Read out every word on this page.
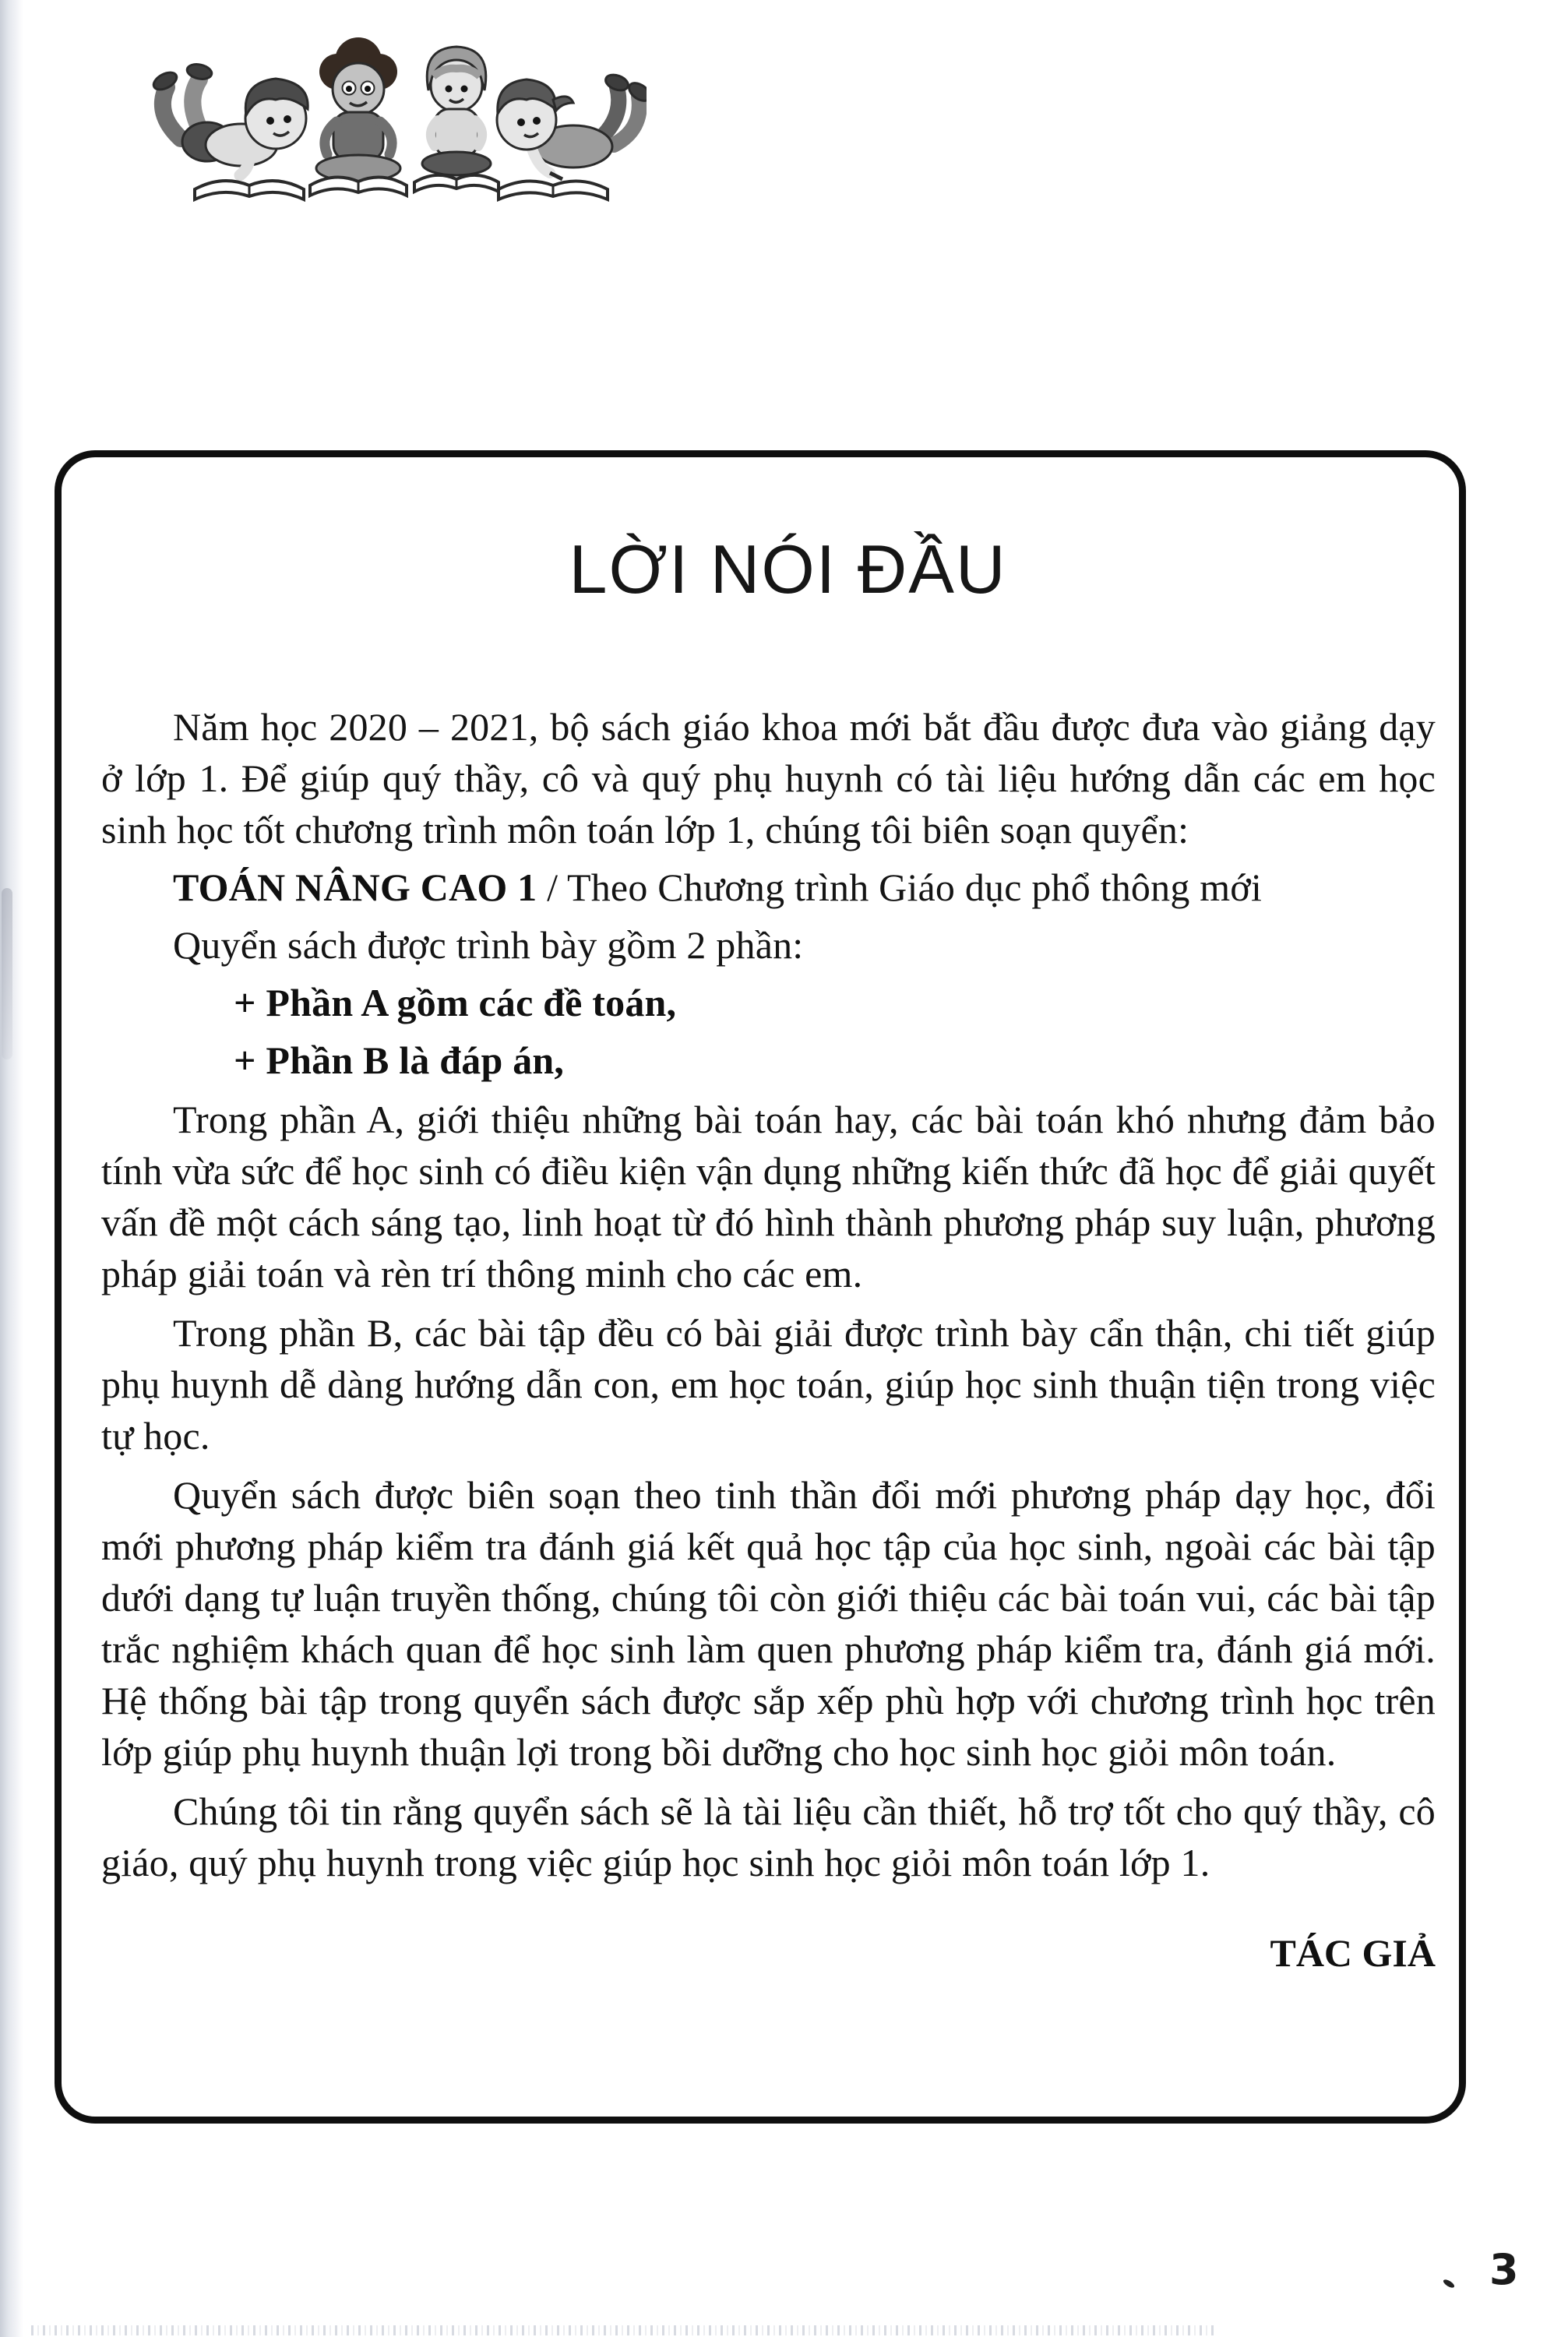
LỜI NÓI ĐẦU

Năm học 2020 – 2021, bộ sách giáo khoa mới bắt đầu được đưa vào giảng dạy ở lớp 1. Để giúp quý thầy, cô và quý phụ huynh có tài liệu hướng dẫn các em học sinh học tốt chương trình môn toán lớp 1, chúng tôi biên soạn quyển:

TOÁN NÂNG CAO 1 / Theo Chương trình Giáo dục phổ thông mới

Quyển sách được trình bày gồm 2 phần:

+ Phần A gồm các đề toán,

+ Phần B là đáp án,

Trong phần A, giới thiệu những bài toán hay, các bài toán khó nhưng đảm bảo tính vừa sức để học sinh có điều kiện vận dụng những kiến thức đã học để giải quyết vấn đề một cách sáng tạo, linh hoạt từ đó hình thành phương pháp suy luận, phương pháp giải toán và rèn trí thông minh cho các em.

Trong phần B, các bài tập đều có bài giải được trình bày cẩn thận, chi tiết giúp phụ huynh dễ dàng hướng dẫn con, em học toán, giúp học sinh thuận tiện trong việc tự học.

Quyển sách được biên soạn theo tinh thần đổi mới phương pháp dạy học, đổi mới phương pháp kiểm tra đánh giá kết quả học tập của học sinh, ngoài các bài tập dưới dạng tự luận truyền thống, chúng tôi còn giới thiệu các bài toán vui, các bài tập trắc nghiệm khách quan để học sinh làm quen phương pháp kiểm tra, đánh giá mới. Hệ thống bài tập trong quyển sách được sắp xếp phù hợp với chương trình học trên lớp giúp phụ huynh thuận lợi trong bồi dưỡng cho học sinh học giỏi môn toán.

Chúng tôi tin rằng quyển sách sẽ là tài liệu cần thiết, hỗ trợ tốt cho quý thầy, cô giáo, quý phụ huynh trong việc giúp học sinh học giỏi môn toán lớp 1.

TÁC GIẢ

3
